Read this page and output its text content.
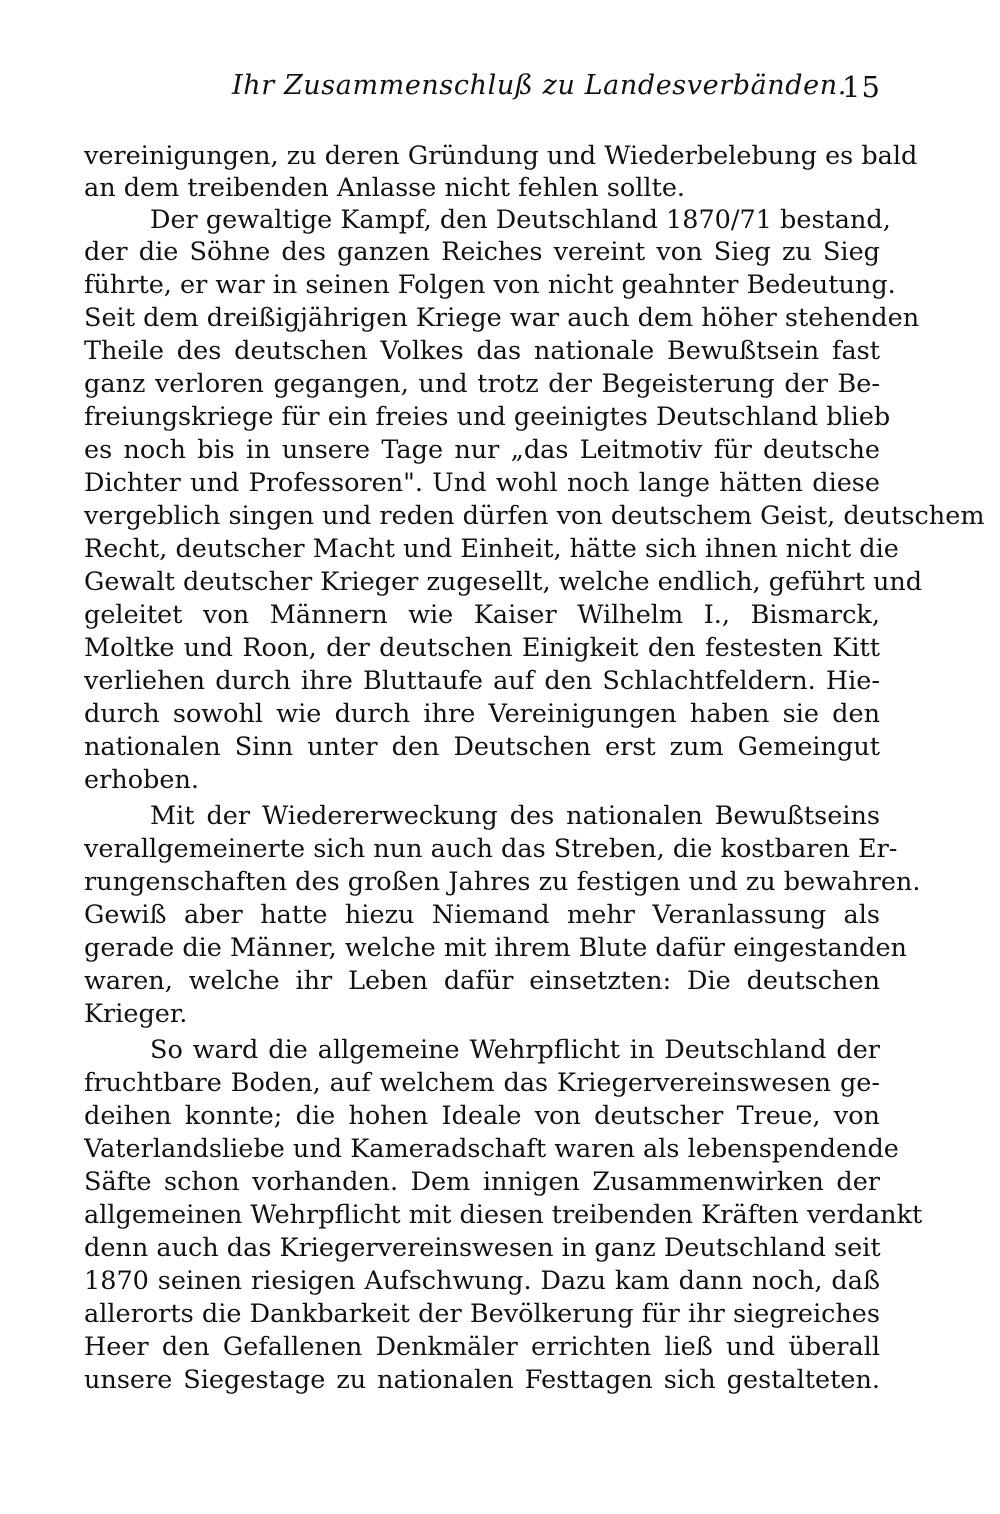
Ihr Zusammenschluß zu Landesverbänden.
15
vereinigungen, zu deren Gründung und Wiederbelebung es bald
an dem treibenden Anlasse nicht fehlen sollte.
Der gewaltige Kampf, den Deutschland 1870/71 bestand,
der die Söhne des ganzen Reiches vereint von Sieg zu Sieg
führte, er war in seinen Folgen von nicht geahnter Bedeutung.
Seit dem dreißigjährigen Kriege war auch dem höher stehenden
Theile des deutschen Volkes das nationale Bewußtsein fast
ganz verloren gegangen, und trotz der Begeisterung der Be-
freiungskriege für ein freies und geeinigtes Deutschland blieb
es noch bis in unsere Tage nur „das Leitmotiv für deutsche
Dichter und Professoren". Und wohl noch lange hätten diese
vergeblich singen und reden dürfen von deutschem Geist, deutschem
Recht, deutscher Macht und Einheit, hätte sich ihnen nicht die
Gewalt deutscher Krieger zugesellt, welche endlich, geführt und
geleitet von Männern wie Kaiser Wilhelm I., Bismarck,
Moltke und Roon, der deutschen Einigkeit den festesten Kitt
verliehen durch ihre Bluttaufe auf den Schlachtfeldern. Hie-
durch sowohl wie durch ihre Vereinigungen haben sie den
nationalen Sinn unter den Deutschen erst zum Gemeingut
erhoben.
Mit der Wiedererweckung des nationalen Bewußtseins
verallgemeinerte sich nun auch das Streben, die kostbaren Er-
rungenschaften des großen Jahres zu festigen und zu bewahren.
Gewiß aber hatte hiezu Niemand mehr Veranlassung als
gerade die Männer, welche mit ihrem Blute dafür eingestanden
waren, welche ihr Leben dafür einsetzten: Die deutschen
Krieger.
So ward die allgemeine Wehrpflicht in Deutschland der
fruchtbare Boden, auf welchem das Kriegervereinswesen ge-
deihen konnte; die hohen Ideale von deutscher Treue, von
Vaterlandsliebe und Kameradschaft waren als lebenspendende
Säfte schon vorhanden. Dem innigen Zusammenwirken der
allgemeinen Wehrpflicht mit diesen treibenden Kräften verdankt
denn auch das Kriegervereinswesen in ganz Deutschland seit
1870 seinen riesigen Aufschwung. Dazu kam dann noch, daß
allerorts die Dankbarkeit der Bevölkerung für ihr siegreiches
Heer den Gefallenen Denkmäler errichten ließ und überall
unsere Siegestage zu nationalen Festtagen sich gestalteten.
